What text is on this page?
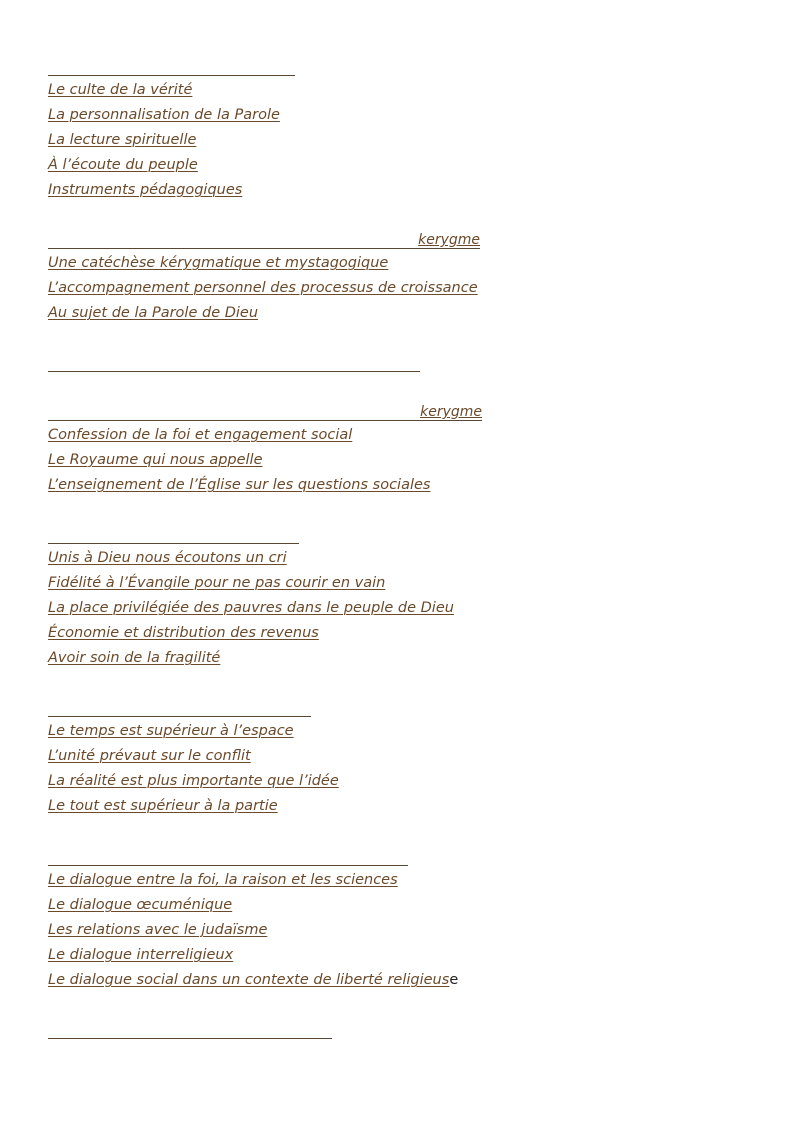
Le culte de la vérité
La personnalisation de la Parole
La lecture spirituelle
À l’écoute du peuple
Instruments pédagogiques
kerygme
Une catéchèse kérygmatique et mystagogique
L’accompagnement personnel des processus de croissance
Au sujet de la Parole de Dieu
kerygme
Confession de la foi et engagement social
Le Royaume qui nous appelle
L’enseignement de l’Église sur les questions sociales
Unis à Dieu nous écoutons un cri
Fidélité à l’Évangile pour ne pas courir en vain
La place privilégiée des pauvres dans le peuple de Dieu
Économie et distribution des revenus
Avoir soin de la fragilité
Le temps est supérieur à l’espace
L’unité prévaut sur le conflit
La réalité est plus importante que l’idée
Le tout est supérieur à la partie
Le dialogue entre la foi, la raison et les sciences
Le dialogue œcuménique
Les relations avec le judaïsme
Le dialogue interreligieux
Le dialogue social dans un contexte de liberté religieuse
